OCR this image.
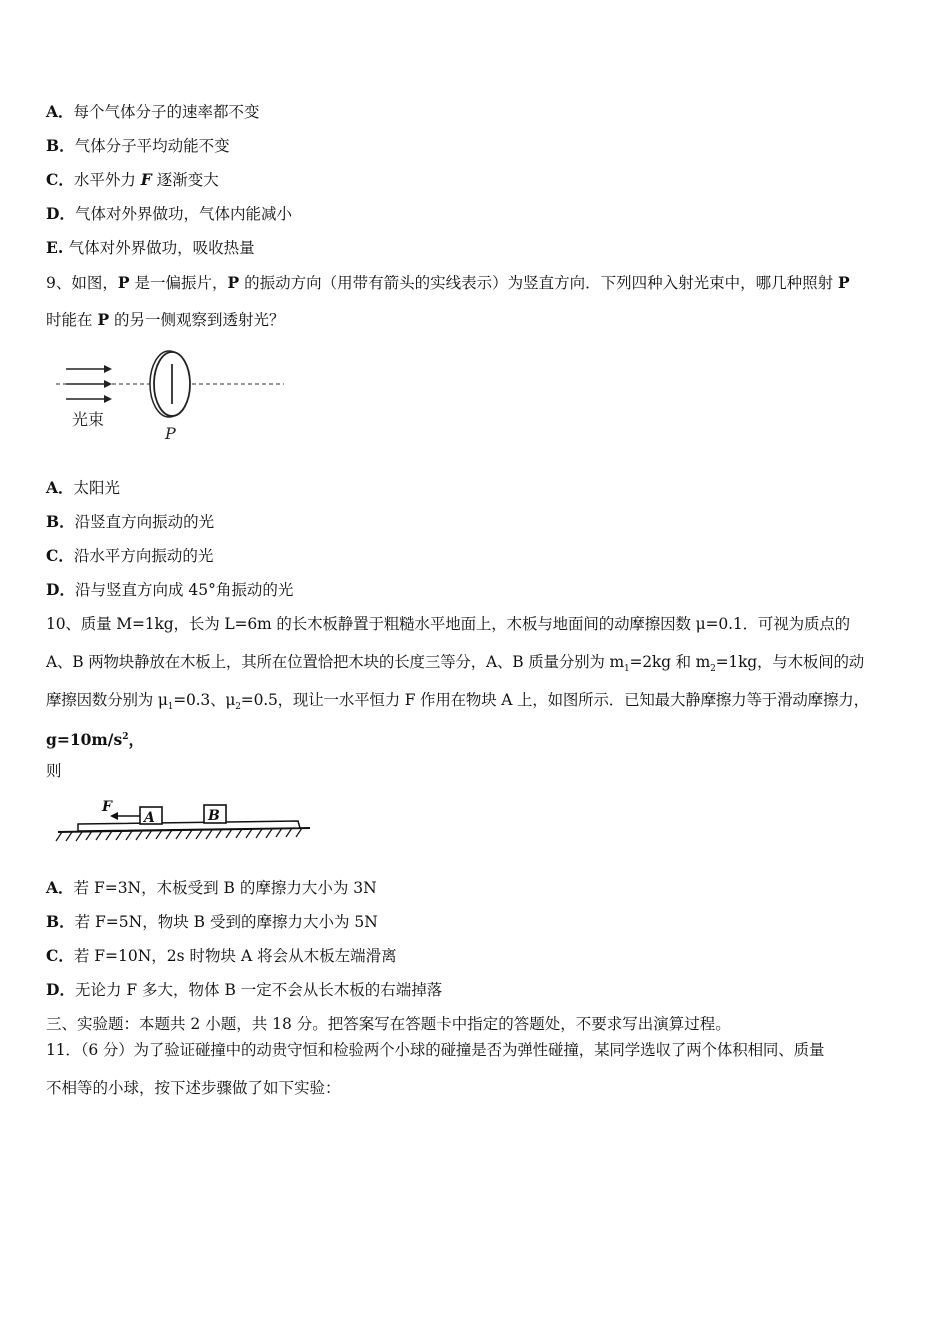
A．每个气体分子的速率都不变
B．气体分子平均动能不变
C．水平外力 F 逐渐变大
D．气体对外界做功，气体内能减小
E. 气体对外界做功，吸收热量
9、如图，P 是一偏振片，P 的振动方向（用带有箭头的实线表示）为竖直方向．下列四种入射光束中，哪几种照射 P
时能在 P 的另一侧观察到透射光？
光束
P
A．太阳光
B．沿竖直方向振动的光
C．沿水平方向振动的光
D．沿与竖直方向成 45°角振动的光
10、质量 M=1kg，长为 L=6m 的长木板静置于粗糙水平地面上，木板与地面间的动摩擦因数 μ=0.1．可视为质点的
A、B 两物块静放在木板上，其所在位置恰把木块的长度三等分，A、B 质量分别为 $m_1=2kg$ 和 $m_2=1kg$，与木板间的动
摩擦因数分别为 $\mu_1=0.3$、$\mu_2=0.5$，现让一水平恒力 F 作用在物块 A 上，如图所示．已知最大静摩擦力等于滑动摩擦力，
$g=10m/s^2$，
则
A	B
F
A．若 F=3N，木板受到 B 的摩擦力大小为 3N
B．若 F=5N，物块 B 受到的摩擦力大小为 5N
C．若 F=10N，2s 时物块 A 将会从木板左端滑离
D．无论力 F 多大，物体 B 一定不会从长木板的右端掉落
三、实验题：本题共 2 小题，共 18 分。把答案写在答题卡中指定的答题处，不要求写出演算过程。
11．（6 分）为了验证碰撞中的动贵守恒和检验两个小球的碰撞是否为弹性碰撞，某同学选収了两个体积相同、质量
不相等的小球，按下述步骤做了如下实验：
